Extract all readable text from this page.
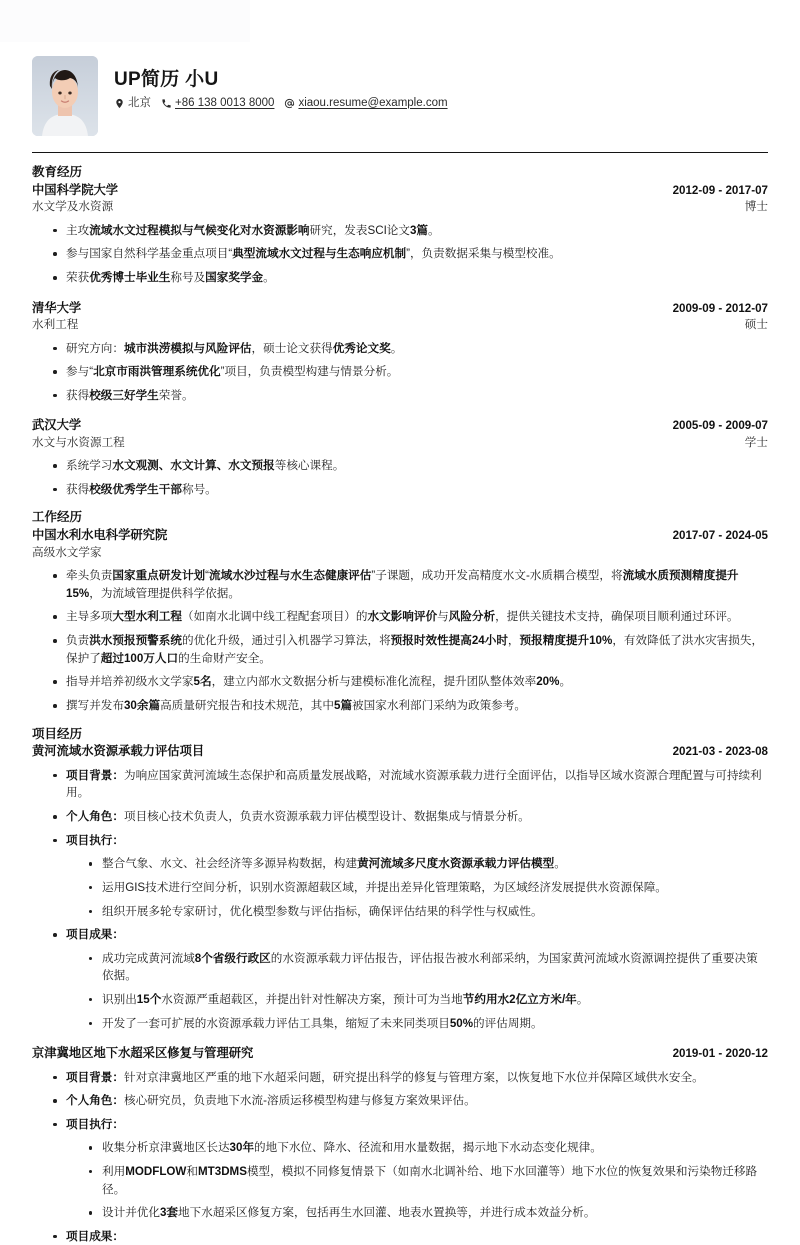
UP简历 小U
北京 +86 138 0013 8000 xiaou.resume@example.com
教育经历
中国科学院大学	2012-09 - 2017-07
水文学及水资源	博士
主攻流域水文过程模拟与气候变化对水资源影响研究，发表SCI论文3篇。
参与国家自然科学基金重点项目“典型流域水文过程与生态响应机制”，负责数据采集与模型校准。
荣获优秀博士毕业生称号及国家奖学金。
清华大学	2009-09 - 2012-07
水利工程	硕士
研究方向：城市洪涝模拟与风险评估，硕士论文获得优秀论文奖。
参与“北京市雨洪管理系统优化”项目，负责模型构建与情景分析。
获得校级三好学生荣誉。
武汉大学	2005-09 - 2009-07
水文与水资源工程	学士
系统学习水文观测、水文计算、水文预报等核心课程。
获得校级优秀学生干部称号。
工作经历
中国水利水电科学研究院	2017-07 - 2024-05
高级水文学家
牵头负责国家重点研发计划“流域水沙过程与水生态健康评估”子课题，成功开发高精度水文-水质耦合模型，将流域水质预测精度提升15%，为流域管理提供科学依据。
主导多项大型水利工程（如南水北调中线工程配套项目）的水文影响评价与风险分析，提供关键技术支持，确保项目顺利通过环评。
负责洪水预报预警系统的优化升级，通过引入机器学习算法，将预报时效性提高24小时，预报精度提升10%，有效降低了洪水灾害损失，保护了超过100万人口的生命财产安全。
指导并培养初级水文学家5名，建立内部水文数据分析与建模标准化流程，提升团队整体效率20%。
撰写并发布30余篇高质量研究报告和技术规范，其中5篇被国家水利部门采纳为政策参考。
项目经历
黄河流域水资源承载力评估项目	2021-03 - 2023-08
项目背景：为响应国家黄河流域生态保护和高质量发展战略，对流域水资源承载力进行全面评估，以指导区域水资源合理配置与可持续利用。
个人角色：项目核心技术负责人，负责水资源承载力评估模型设计、数据集成与情景分析。
项目执行：
整合气象、水文、社会经济等多源异构数据，构建黄河流域多尺度水资源承载力评估模型。
运用GIS技术进行空间分析，识别水资源超载区域，并提出差异化管理策略，为区域经济发展提供水资源保障。
组织开展多轮专家研讨，优化模型参数与评估指标，确保评估结果的科学性与权威性。
项目成果：
成功完成黄河流域8个省级行政区的水资源承载力评估报告，评估报告被水利部采纳，为国家黄河流域水资源调控提供了重要决策依据。
识别出15个水资源严重超载区，并提出针对性解决方案，预计可为当地节约用水2亿立方米/年。
开发了一套可扩展的水资源承载力评估工具集，缩短了未来同类项目50%的评估周期。
京津冀地区地下水超采区修复与管理研究	2019-01 - 2020-12
项目背景：针对京津冀地区严重的地下水超采问题，研究提出科学的修复与管理方案，以恢复地下水位并保障区域供水安全。
个人角色：核心研究员，负责地下水流-溶质运移模型构建与修复方案效果评估。
项目执行：
收集分析京津冀地区长达30年的地下水位、降水、径流和用水量数据，揭示地下水动态变化规律。
利用MODFLOW和MT3DMS模型，模拟不同修复情景下（如南水北调补给、地下水回灌等）地下水位的恢复效果和污染物迁移路径。
设计并优化3套地下水超采区修复方案，包括再生水回灌、地表水置换等，并进行成本效益分析。
项目成果：
